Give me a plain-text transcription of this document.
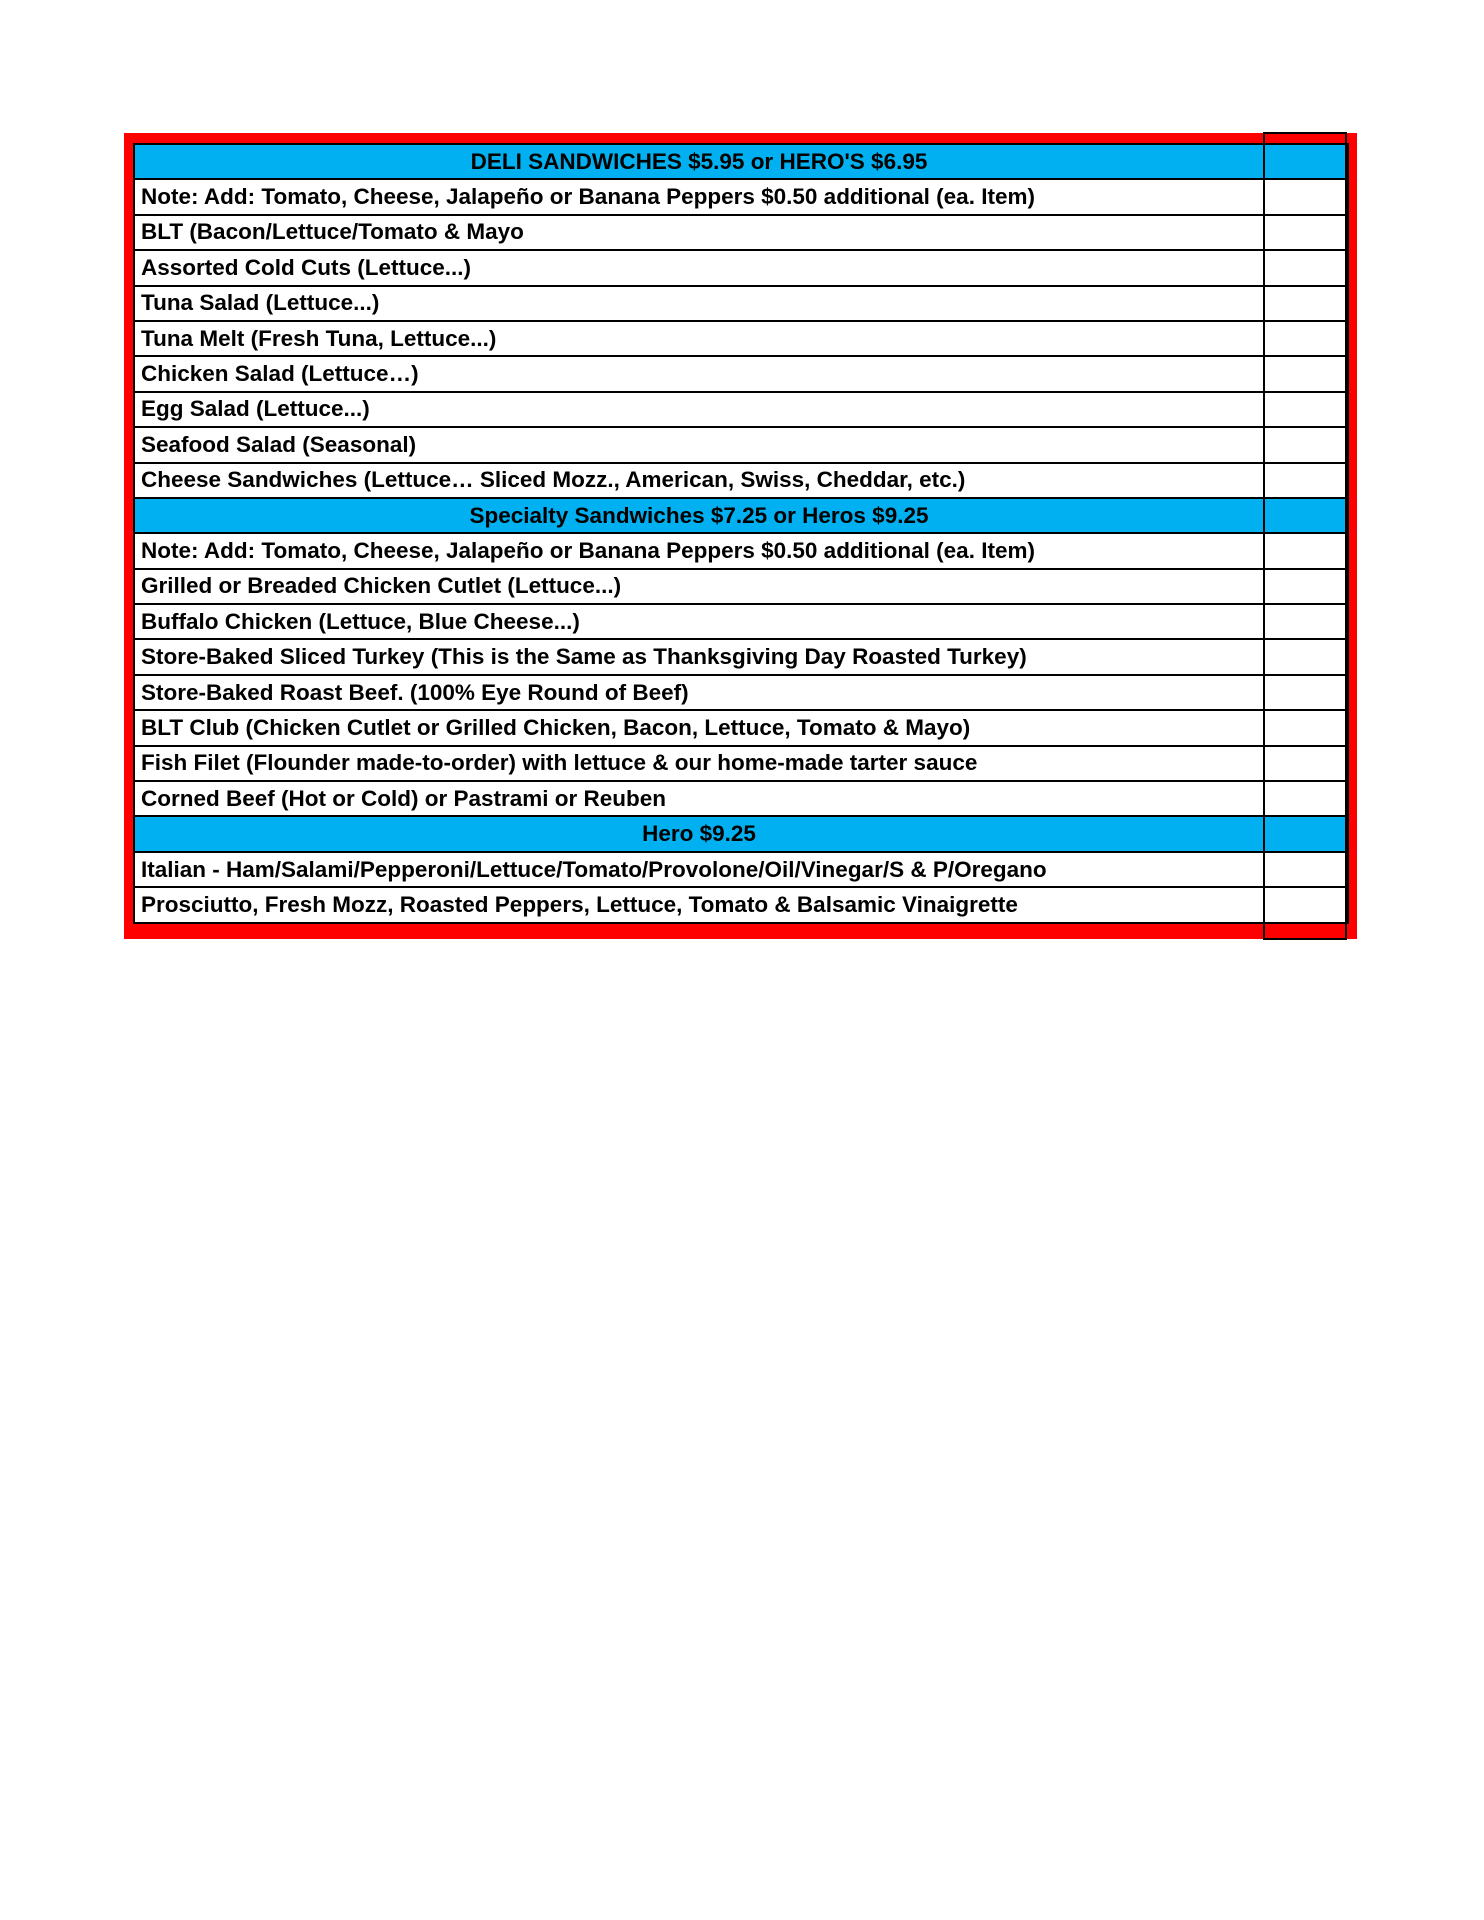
DELI SANDWICHES $5.95 or HERO'S $6.95	
Note: Add: Tomato, Cheese, Jalapeño or Banana Peppers $0.50 additional (ea. Item)	
BLT (Bacon/Lettuce/Tomato & Mayo	
Assorted Cold Cuts (Lettuce...)	
Tuna Salad (Lettuce...)	
Tuna Melt (Fresh Tuna, Lettuce...)	
Chicken Salad (Lettuce…)	
Egg Salad (Lettuce...)	
Seafood Salad (Seasonal)	
Cheese Sandwiches (Lettuce… Sliced Mozz., American, Swiss, Cheddar, etc.)	
Specialty Sandwiches $7.25 or Heros $9.25	
Note: Add: Tomato, Cheese, Jalapeño or Banana Peppers $0.50 additional (ea. Item)	
Grilled or Breaded Chicken Cutlet (Lettuce...)	
Buffalo Chicken (Lettuce, Blue Cheese...)	
Store-Baked Sliced Turkey (This is the Same as Thanksgiving Day Roasted Turkey)	
Store-Baked Roast Beef. (100% Eye Round of Beef)	
BLT Club (Chicken Cutlet or Grilled Chicken, Bacon, Lettuce, Tomato & Mayo)	
Fish Filet (Flounder made-to-order) with lettuce & our home-made tarter sauce	
Corned Beef (Hot or Cold) or Pastrami or Reuben	
Hero $9.25	
Italian - Ham/Salami/Pepperoni/Lettuce/Tomato/Provolone/Oil/Vinegar/S & P/Oregano	
Prosciutto, Fresh Mozz, Roasted Peppers, Lettuce, Tomato & Balsamic Vinaigrette	
